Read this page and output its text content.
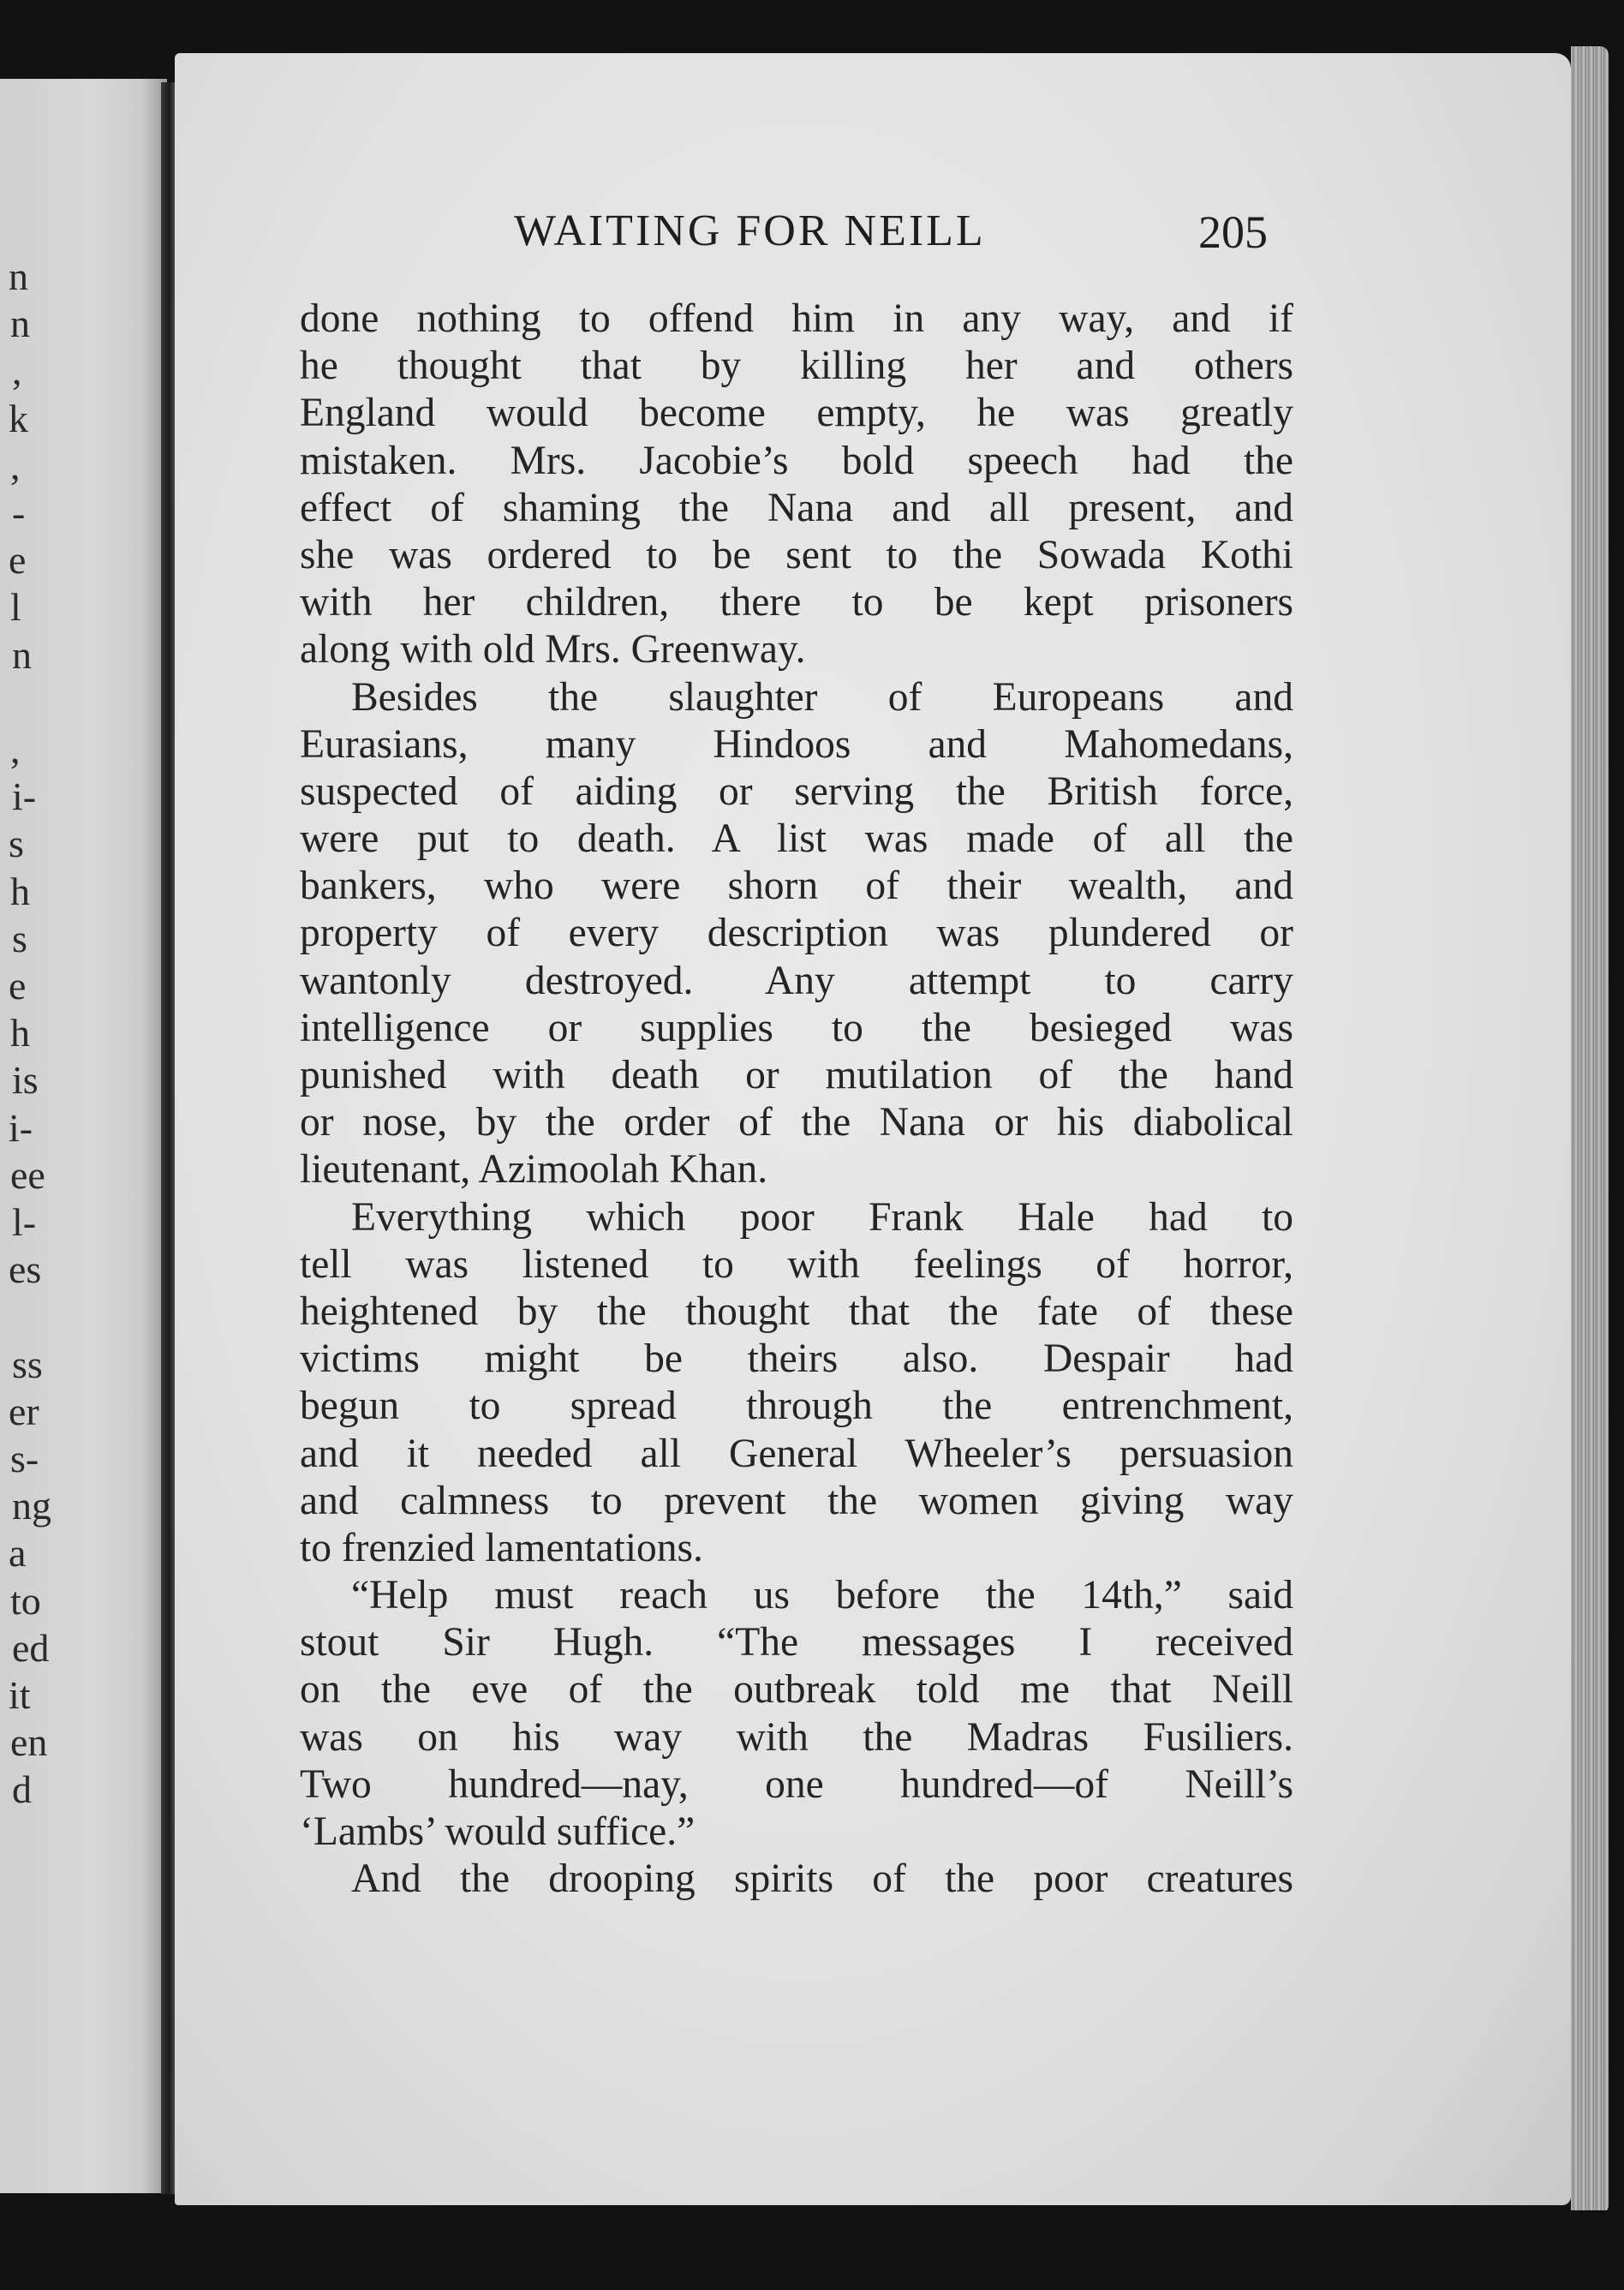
n
n
,
k
,
-
e
l
n
,
i-
s
h
s
e
h
is
i-
ee
l-
es
ss
er
s-
ng
a
to
ed
it
en
d
WAITING FOR NEILL	205
done nothing to offend him in any way, and if
he thought that by killing her and others
England would become empty, he was greatly
mistaken. Mrs. Jacobie’s bold speech had the
effect of shaming the Nana and all present, and
she was ordered to be sent to the Sowada Kothi
with her children, there to be kept prisoners
along with old Mrs. Greenway.
Besides the slaughter of Europeans and
Eurasians, many Hindoos and Mahomedans,
suspected of aiding or serving the British force,
were put to death. A list was made of all the
bankers, who were shorn of their wealth, and
property of every description was plundered or
wantonly destroyed. Any attempt to carry
intelligence or supplies to the besieged was
punished with death or mutilation of the hand
or nose, by the order of the Nana or his diabolical
lieutenant, Azimoolah Khan.
Everything which poor Frank Hale had to
tell was listened to with feelings of horror,
heightened by the thought that the fate of these
victims might be theirs also. Despair had
begun to spread through the entrenchment,
and it needed all General Wheeler’s persuasion
and calmness to prevent the women giving way
to frenzied lamentations.
“Help must reach us before the 14th,” said
stout Sir Hugh. “The messages I received
on the eve of the outbreak told me that Neill
was on his way with the Madras Fusiliers.
Two hundred—nay, one hundred—of Neill’s
‘Lambs’ would suffice.”
And the drooping spirits of the poor creatures
